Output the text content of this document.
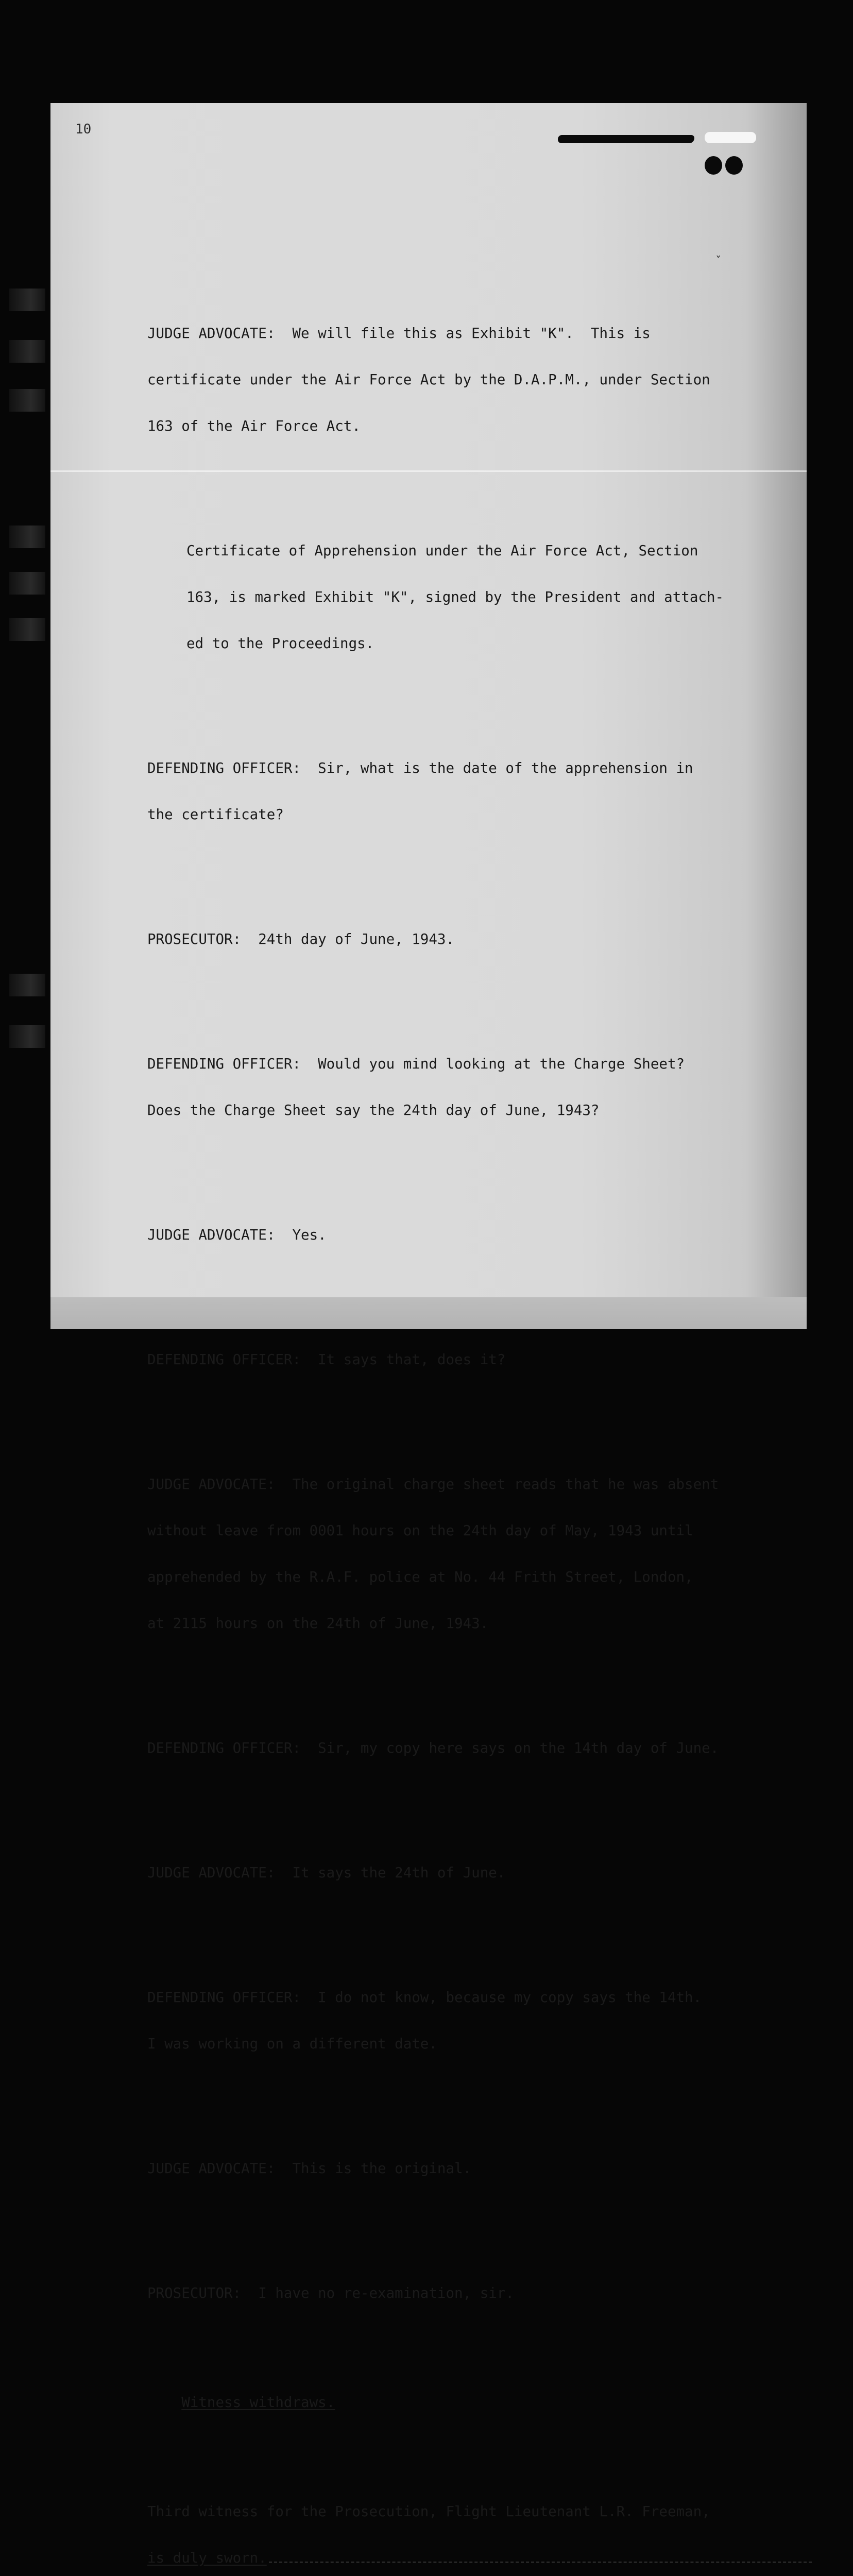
10
ˇ

JUDGE ADVOCATE:  We will file this as Exhibit "K".  This is

certificate under the Air Force Act by the D.A.P.M., under Section

163 of the Air Force Act.

Certificate of Apprehension under the Air Force Act, Section

163, is marked Exhibit "K", signed by the President and attach-

ed to the Proceedings.

DEFENDING OFFICER:  Sir, what is the date of the apprehension in

the certificate?

PROSECUTOR:  24th day of June, 1943.

DEFENDING OFFICER:  Would you mind looking at the Charge Sheet?

Does the Charge Sheet say the 24th day of June, 1943?

JUDGE ADVOCATE:  Yes.

DEFENDING OFFICER:  It says that, does it?

JUDGE ADVOCATE:  The original charge sheet reads that he was absent

without leave from 0001 hours on the 24th day of May, 1943 until

apprehended by the R.A.F. police at No. 44 Frith Street, London,

at 2115 hours on the 24th of June, 1943.

DEFENDING OFFICER:  Sir, my copy here says on the 14th day of June.

JUDGE ADVOCATE:  It says the 24th of June.

DEFENDING OFFICER:  I do not know, because my copy says the 14th.

I was working on a different date.

JUDGE ADVOCATE:  This is the original.

PROSECUTOR:  I have no re-examination, sir.

Witness withdraws.

Third witness for the Prosecution, Flight Lieutenant L.R. Freeman,

is duly sworn.
